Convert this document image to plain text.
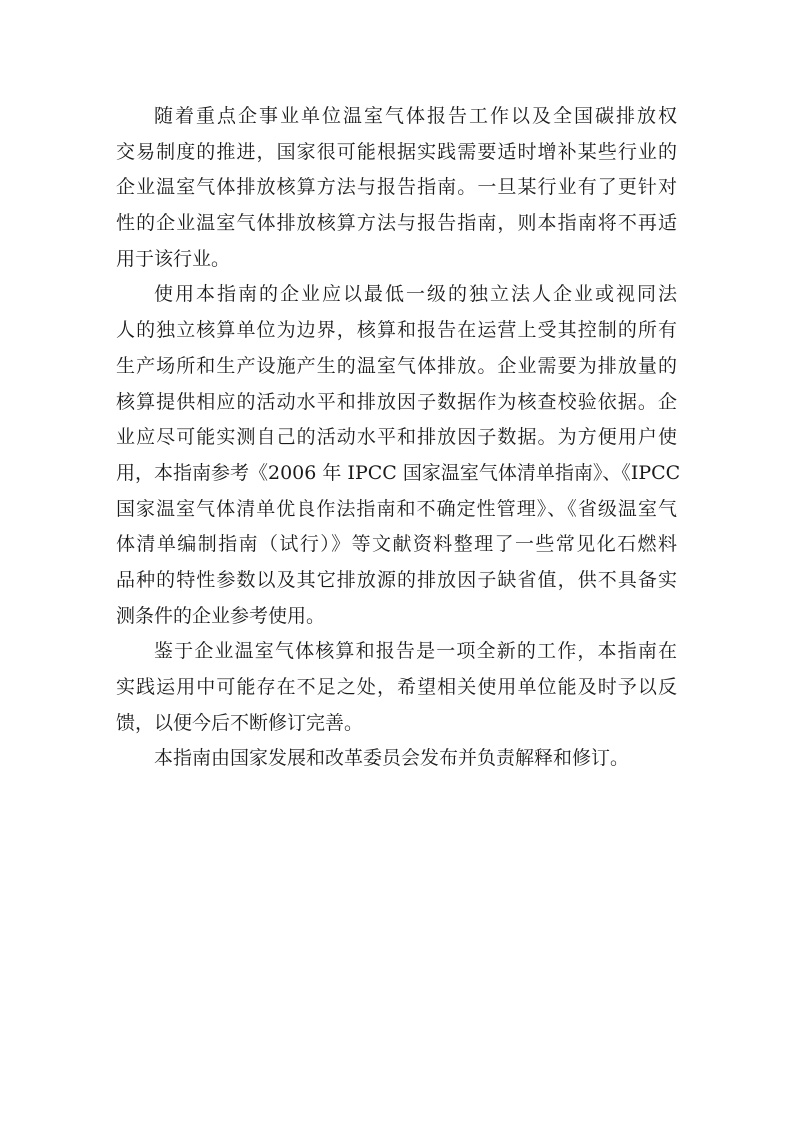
随着重点企事业单位温室气体报告工作以及全国碳排放权
交易制度的推进，国家很可能根据实践需要适时增补某些行业的
企业温室气体排放核算方法与报告指南。一旦某行业有了更针对
性的企业温室气体排放核算方法与报告指南，则本指南将不再适
用于该行业。
使用本指南的企业应以最低一级的独立法人企业或视同法
人的独立核算单位为边界，核算和报告在运营上受其控制的所有
生产场所和生产设施产生的温室气体排放。企业需要为排放量的
核算提供相应的活动水平和排放因子数据作为核查校验依据。企
业应尽可能实测自己的活动水平和排放因子数据。为方便用户使
用，本指南参考《2006 年 IPCC 国家温室气体清单指南》、《IPCC
国家温室气体清单优良作法指南和不确定性管理》、《省级温室气
体清单编制指南（试行）》等文献资料整理了一些常见化石燃料
品种的特性参数以及其它排放源的排放因子缺省值，供不具备实
测条件的企业参考使用。
鉴于企业温室气体核算和报告是一项全新的工作，本指南在
实践运用中可能存在不足之处，希望相关使用单位能及时予以反
馈，以便今后不断修订完善。
本指南由国家发展和改革委员会发布并负责解释和修订。
